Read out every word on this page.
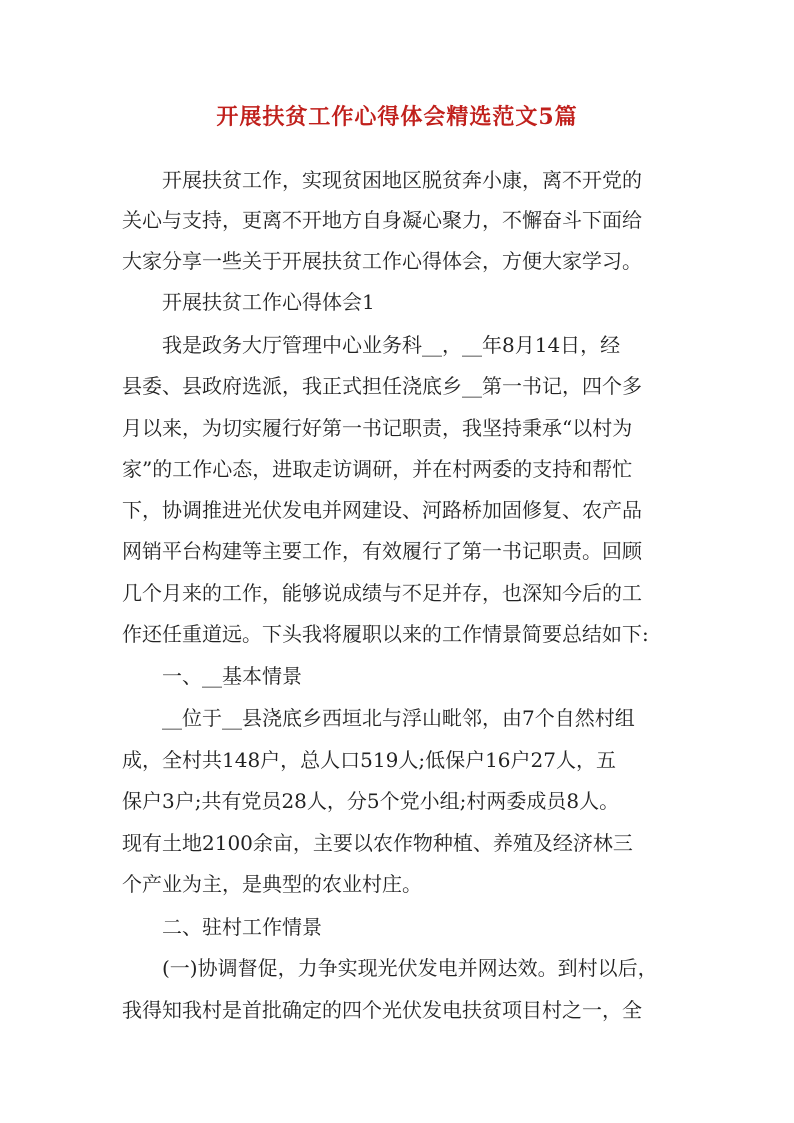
开展扶贫工作心得体会精选范文5篇
开展扶贫工作，实现贫困地区脱贫奔小康，离不开党的
关心与支持，更离不开地方自身凝心聚力，不懈奋斗下面给
大家分享一些关于开展扶贫工作心得体会，方便大家学习。
开展扶贫工作心得体会1
我是政务大厅管理中心业务科__，__年8月14日，经
县委、县政府选派，我正式担任浇底乡__第一书记，四个多
月以来，为切实履行好第一书记职责，我坚持秉承“以村为
家”的工作心态，进取走访调研，并在村两委的支持和帮忙
下，协调推进光伏发电并网建设、河路桥加固修复、农产品
网销平台构建等主要工作，有效履行了第一书记职责。回顾
几个月来的工作，能够说成绩与不足并存，也深知今后的工
作还任重道远。下头我将履职以来的工作情景简要总结如下:
一、__基本情景
__位于__县浇底乡西垣北与浮山毗邻，由7个自然村组
成，全村共148户，总人口519人;低保户16户27人，五
保户3户;共有党员28人，分5个党小组;村两委成员8人。
现有土地2100余亩，主要以农作物种植、养殖及经济林三
个产业为主，是典型的农业村庄。
二、驻村工作情景
(一)协调督促，力争实现光伏发电并网达效。到村以后，
我得知我村是首批确定的四个光伏发电扶贫项目村之一，全
